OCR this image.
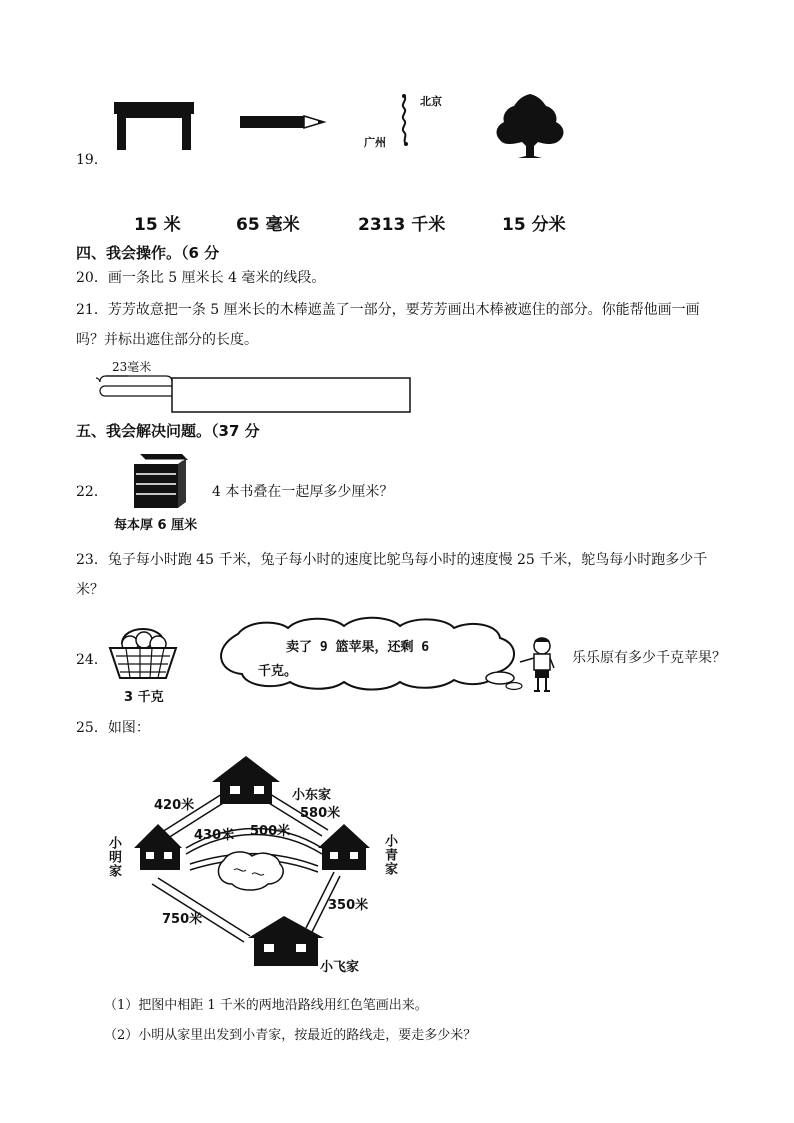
19．
北京
广州
15 米	65 毫米	2313 千米	15 分米
四、我会操作。（6 分
20．画一条比 5 厘米长 4 毫米的线段。
21．芳芳故意把一条 5 厘米长的木棒遮盖了一部分，要芳芳画出木棒被遮住的部分。你能帮他画一画
吗？并标出遮住部分的长度。
23毫米
五、我会解决问题。（37 分
22．
每本厚 6 厘米
4 本书叠在一起厚多少厘米？
23．兔子每小时跑 45 千米，兔子每小时的速度比鸵鸟每小时的速度慢 25 千米，鸵鸟每小时跑多少千
米？
24．
3 千克
卖了 9 篮苹果，还剩 6
千克。
乐乐原有多少千克苹果？
25．如图：
420米
小东家
580米
430米 500米
小明家	小青家
350米
750米
小飞家
（1）把图中相距 1 千米的两地沿路线用红色笔画出来。
（2）小明从家里出发到小青家，按最近的路线走，要走多少米？
